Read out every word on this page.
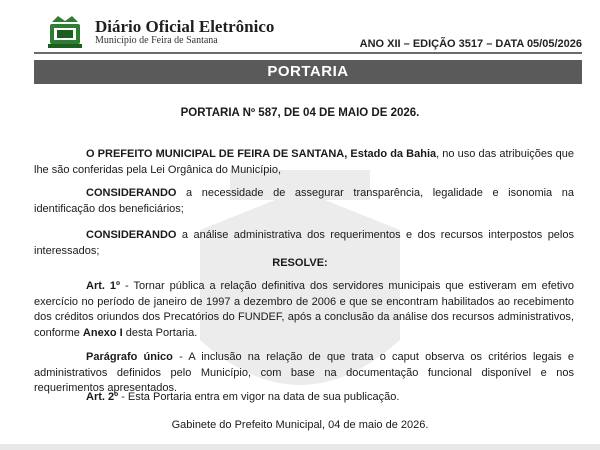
Diário Oficial Eletrônico
Município de Feira de Santana	ANO XII – EDIÇÃO 3517 – DATA 05/05/2026
PORTARIA
PORTARIA Nº 587, DE 04 DE MAIO DE 2026.
O PREFEITO MUNICIPAL DE FEIRA DE SANTANA, Estado da Bahia, no uso das atribuições que lhe são conferidas pela Lei Orgânica do Município,
CONSIDERANDO a necessidade de assegurar transparência, legalidade e isonomia na identificação dos beneficiários;
CONSIDERANDO a análise administrativa dos requerimentos e dos recursos interpostos pelos interessados;
RESOLVE:
Art. 1º - Tornar pública a relação definitiva dos servidores municipais que estiveram em efetivo exercício no período de janeiro de 1997 a dezembro de 2006 e que se encontram habilitados ao recebimento dos créditos oriundos dos Precatórios do FUNDEF, após a conclusão da análise dos recursos administrativos, conforme Anexo I desta Portaria.
Parágrafo único - A inclusão na relação de que trata o caput observa os critérios legais e administrativos definidos pelo Município, com base na documentação funcional disponível e nos requerimentos apresentados.
Art. 2º - Esta Portaria entra em vigor na data de sua publicação.
Gabinete do Prefeito Municipal, 04 de maio de 2026.
